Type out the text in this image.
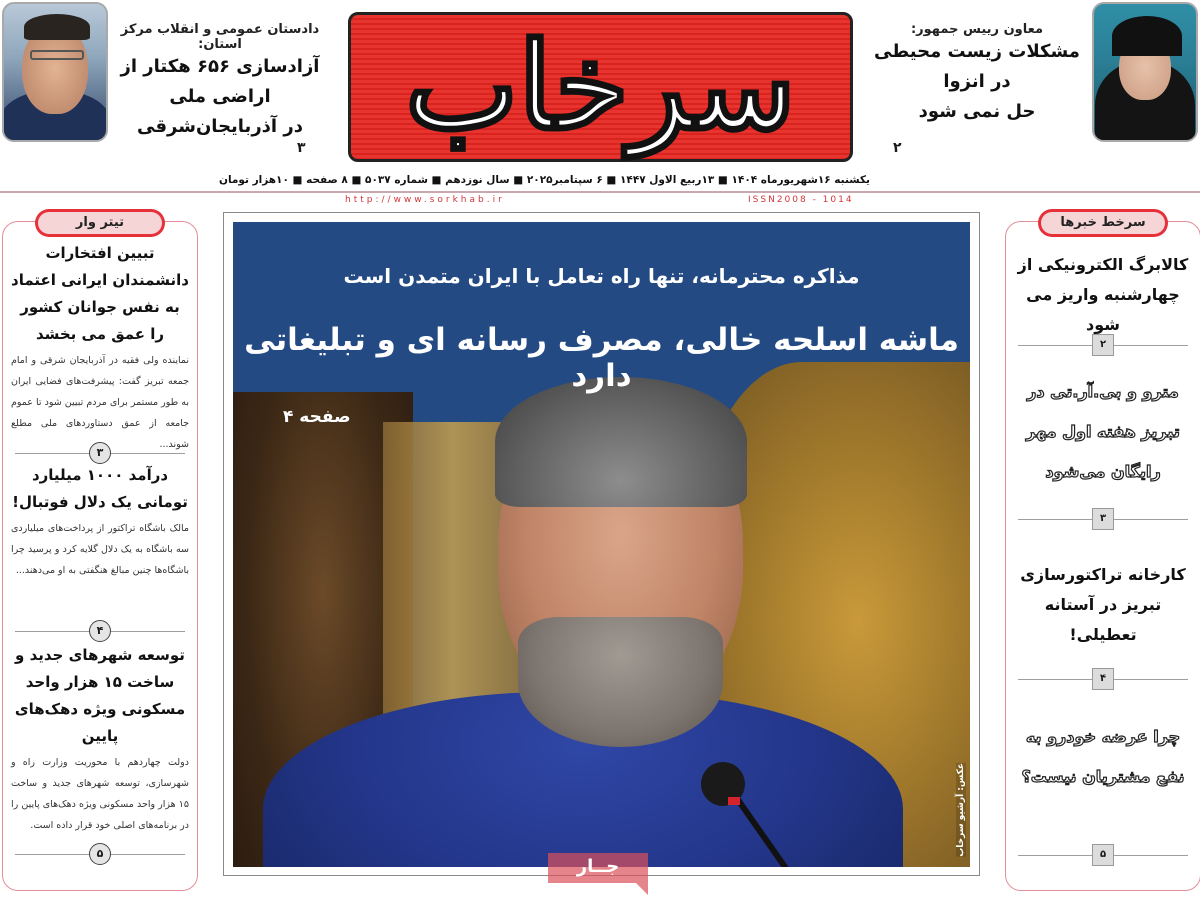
معاون رییس جمهور:
مشکلات زیست محیطی در انزوا
حل نمی شود
۲
دادستان عمومی و انقلاب مرکز استان:
آزادسازی ۶۵۶ هکتار از اراضی ملی
در آذربایجان‌شرقی
۳ سرخاب
یکشنبه ۱۶شهریورماه ۱۴۰۴ ■ ۱۳ربیع الاول ۱۴۴۷ ■ ۶ سپتامبر۲۰۲۵ ■ سال نوزدهم ■ شماره ۵۰۳۷ ■ ۸ صفحه ■ ۱۰هزار تومان
http://www.sorkhab.ir	ISSN2008 - 1014
تیتر وار
تبیین افتخارات دانشمندان ایرانی اعتماد به نفس جوانان کشور را عمق می بخشد
نماینده ولی فقیه در آذربایجان شرقی و امام جمعه تبریز گفت: پیشرفت‌های فضایی ایران به طور مستمر برای مردم تبیین شود تا عموم جامعه از عمق دستاوردهای ملی مطلع شوند...
۳
درآمد ۱۰۰۰ میلیارد تومانی یک دلال فوتبال!
مالک باشگاه تراکتور از پرداخت‌های میلیاردی سه باشگاه به یک دلال گلایه کرد و پرسید چرا باشگاه‌ها چنین مبالغ هنگفتی به او می‌دهند...
۴
توسعه شهرهای جدید و ساخت ۱۵ هزار واحد مسکونی ویژه دهک‌های پایین
دولت چهاردهم با محوریت وزارت راه و شهرسازی، توسعه شهرهای جدید و ساخت ۱۵ هزار واحد مسکونی ویژه دهک‌های پایین را در برنامه‌های اصلی خود قرار داده است.
۵
مذاکره محترمانه، تنها راه تعامل با ایران متمدن است
ماشه اسلحه خالی، مصرف رسانه ای و تبلیغاتی دارد
صفحه ۴
عکس: آرشیو سرخاب
جــار
سرخط خبرها
کالابرگ الکترونیکی از چهارشنبه واریز می شود
۲
مترو و بی.آر.تی در تبریز هفته اول مهر رایگان می‌شود
۳
کارخانه تراکتورسازی تبریز در آستانه تعطیلی!
۴
چرا عرضه خودرو به نفع مشتریان نیست؟
۵
